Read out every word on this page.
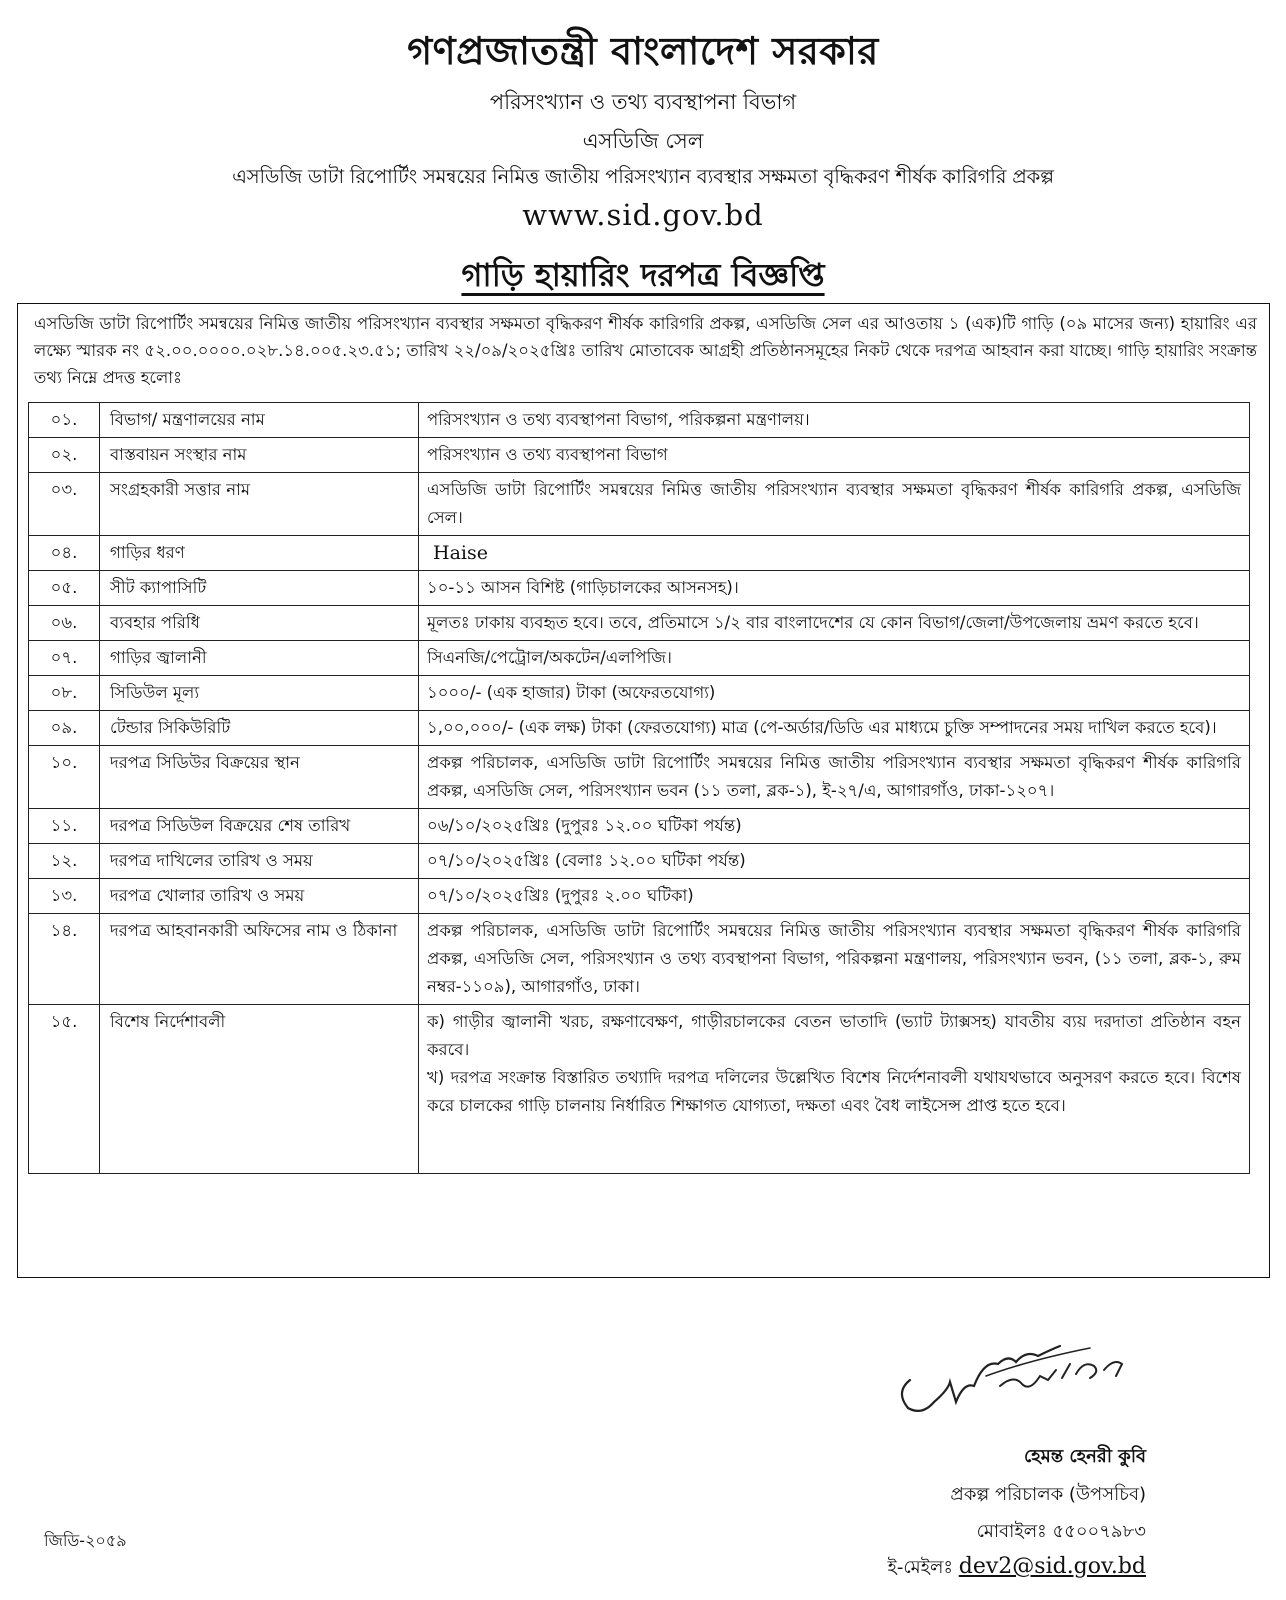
গণপ্রজাতন্ত্রী বাংলাদেশ সরকার
পরিসংখ্যান ও তথ্য ব্যবস্থাপনা বিভাগ
এসডিজি সেল
এসডিজি ডাটা রিপোর্টিং সমন্বয়ের নিমিত্ত জাতীয় পরিসংখ্যান ব্যবস্থার সক্ষমতা বৃদ্ধিকরণ শীর্ষক কারিগরি প্রকল্প
www.sid.gov.bd
গাড়ি হায়ারিং দরপত্র বিজ্ঞপ্তি
এসডিজি ডাটা রিপোর্টিং সমন্বয়ের নিমিত্ত জাতীয় পরিসংখ্যান ব্যবস্থার সক্ষমতা বৃদ্ধিকরণ শীর্ষক কারিগরি প্রকল্প, এসডিজি সেল এর আওতায় ১ (এক)টি গাড়ি (০৯ মাসের জন্য) হায়ারিং এর লক্ষ্যে স্মারক নং ৫২.০০.০০০০.০২৮.১৪.০০৫.২৩.৫১; তারিখ ২২/০৯/২০২৫খ্রিঃ তারিখ মোতাবেক আগ্রহী প্রতিষ্ঠানসমূহের নিকট থেকে দরপত্র আহবান করা যাচ্ছে। গাড়ি হায়ারিং সংক্রান্ত তথ্য নিম্নে প্রদত্ত হলোঃ
০১.	বিভাগ/ মন্ত্রণালয়ের নাম	পরিসংখ্যান ও তথ্য ব্যবস্থাপনা বিভাগ, পরিকল্পনা মন্ত্রণালয়।
০২.	বাস্তবায়ন সংস্থার নাম	পরিসংখ্যান ও তথ্য ব্যবস্থাপনা বিভাগ
০৩.	সংগ্রহকারী সত্তার নাম	এসডিজি ডাটা রিপোর্টিং সমন্বয়ের নিমিত্ত জাতীয় পরিসংখ্যান ব্যবস্থার সক্ষমতা বৃদ্ধিকরণ শীর্ষক কারিগরি প্রকল্প, এসডিজি সেল।
০৪.	গাড়ির ধরণ	Haise
০৫.	সীট ক্যাপাসিটি	১০-১১ আসন বিশিষ্ট (গাড়িচালকের আসনসহ)।
০৬.	ব্যবহার পরিধি	মূলতঃ ঢাকায় ব্যবহৃত হবে। তবে, প্রতিমাসে ১/২ বার বাংলাদেশের যে কোন বিভাগ/জেলা/উপজেলায় ভ্রমণ করতে হবে।
০৭.	গাড়ির জ্বালানী	সিএনজি/পেট্রোল/অকটেন/এলপিজি।
০৮.	সিডিউল মূল্য	১০০০/- (এক হাজার) টাকা (অফেরতযোগ্য)
০৯.	টেন্ডার সিকিউরিটি	১,০০,০০০/- (এক লক্ষ) টাকা (ফেরতযোগ্য) মাত্র (পে-অর্ডার/ডিডি এর মাধ্যমে চুক্তি সম্পাদনের সময় দাখিল করতে হবে)।
১০.	দরপত্র সিডিউর বিক্রয়ের স্থান	প্রকল্প পরিচালক, এসডিজি ডাটা রিপোর্টিং সমন্বয়ের নিমিত্ত জাতীয় পরিসংখ্যান ব্যবস্থার সক্ষমতা বৃদ্ধিকরণ শীর্ষক কারিগরি প্রকল্প, এসডিজি সেল, পরিসংখ্যান ভবন (১১ তলা, ব্লক-১), ই-২৭/এ, আগারগাঁও, ঢাকা-১২০৭।
১১.	দরপত্র সিডিউল বিক্রয়ের শেষ তারিখ	০৬/১০/২০২৫খ্রিঃ (দুপুরঃ ১২.০০ ঘটিকা পর্যন্ত)
১২.	দরপত্র দাখিলের তারিখ ও সময়	০৭/১০/২০২৫খ্রিঃ (বেলাঃ ১২.০০ ঘটিকা পর্যন্ত)
১৩.	দরপত্র খোলার তারিখ ও সময়	০৭/১০/২০২৫খ্রিঃ (দুপুরঃ ২.০০ ঘটিকা)
১৪.	দরপত্র আহবানকারী অফিসের নাম ও ঠিকানা	প্রকল্প পরিচালক, এসডিজি ডাটা রিপোর্টিং সমন্বয়ের নিমিত্ত জাতীয় পরিসংখ্যান ব্যবস্থার সক্ষমতা বৃদ্ধিকরণ শীর্ষক কারিগরি প্রকল্প, এসডিজি সেল, পরিসংখ্যান ও তথ্য ব্যবস্থাপনা বিভাগ, পরিকল্পনা মন্ত্রণালয়, পরিসংখ্যান ভবন, (১১ তলা, ব্লক-১, রুম নম্বর-১১০৯), আগারগাঁও, ঢাকা।
১৫.	বিশেষ নির্দেশাবলী	ক) গাড়ীর জ্বালানী খরচ, রক্ষণাবেক্ষণ, গাড়ীরচালকের বেতন ভাতাদি (ভ্যাট ট্যাক্সসহ) যাবতীয় ব্যয় দরদাতা প্রতিষ্ঠান বহন করবে।
খ) দরপত্র সংক্রান্ত বিস্তারিত তথ্যাদি দরপত্র দলিলের উল্লেখিত বিশেষ নির্দেশনাবলী যথাযথভাবে অনুসরণ করতে হবে। বিশেষ করে চালকের গাড়ি চালনায় নির্ধারিত শিক্ষাগত যোগ্যতা, দক্ষতা এবং বৈধ লাইসেন্স প্রাপ্ত হতে হবে।
হেমন্ত হেনরী কুবি
প্রকল্প পরিচালক (উপসচিব)
মোবাইলঃ ৫৫০০৭৯৮৩
ই-মেইলঃ dev2@sid.gov.bd
জিডি-২০৫৯
